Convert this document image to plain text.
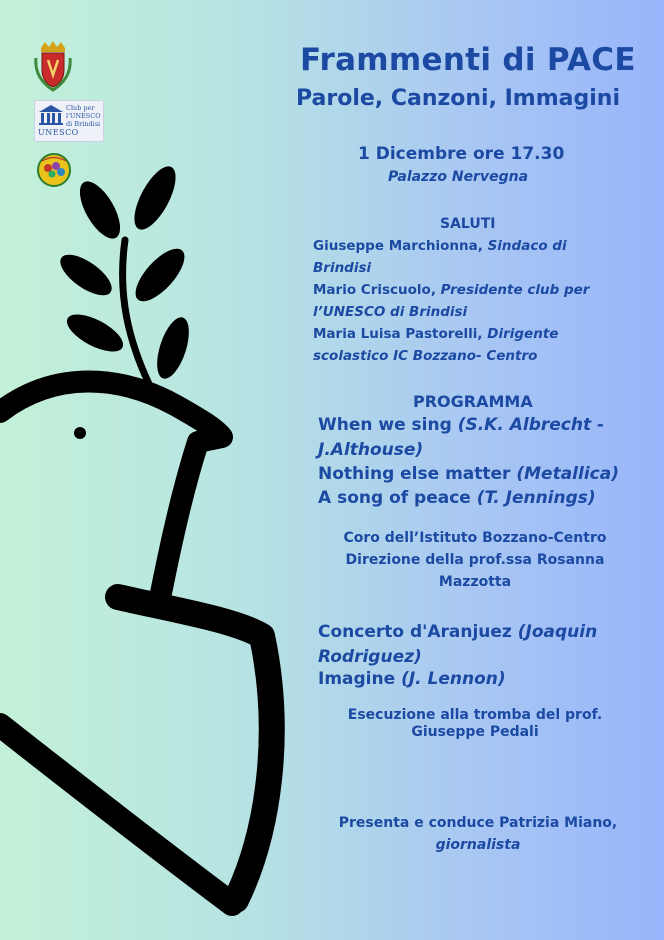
Club per
l'UNESCO
di Brindisi
UNESCO
Frammenti di PACE
Parole, Canzoni, Immagini

1 Dicembre ore 17.30

Palazzo Nervegna

SALUTI

Giuseppe Marchionna, Sindaco di Brindisi

Mario Criscuolo, Presidente club per l’UNESCO di Brindisi

Maria Luisa Pastorelli, Dirigente scolastico IC Bozzano- Centro

PROGRAMMA

When we sing (S.K. Albrecht -

J.Althouse)

Nothing else matter (Metallica)

A song of peace (T. Jennings)

Coro dell’Istituto Bozzano-Centro
Direzione della prof.ssa Rosanna
Mazzotta

Concerto d'Aranjuez (Joaquin

Rodriguez)

Imagine (J. Lennon)

Esecuzione alla tromba del prof.
Giuseppe Pedali
Presenta e conduce Patrizia Miano,
giornalista
